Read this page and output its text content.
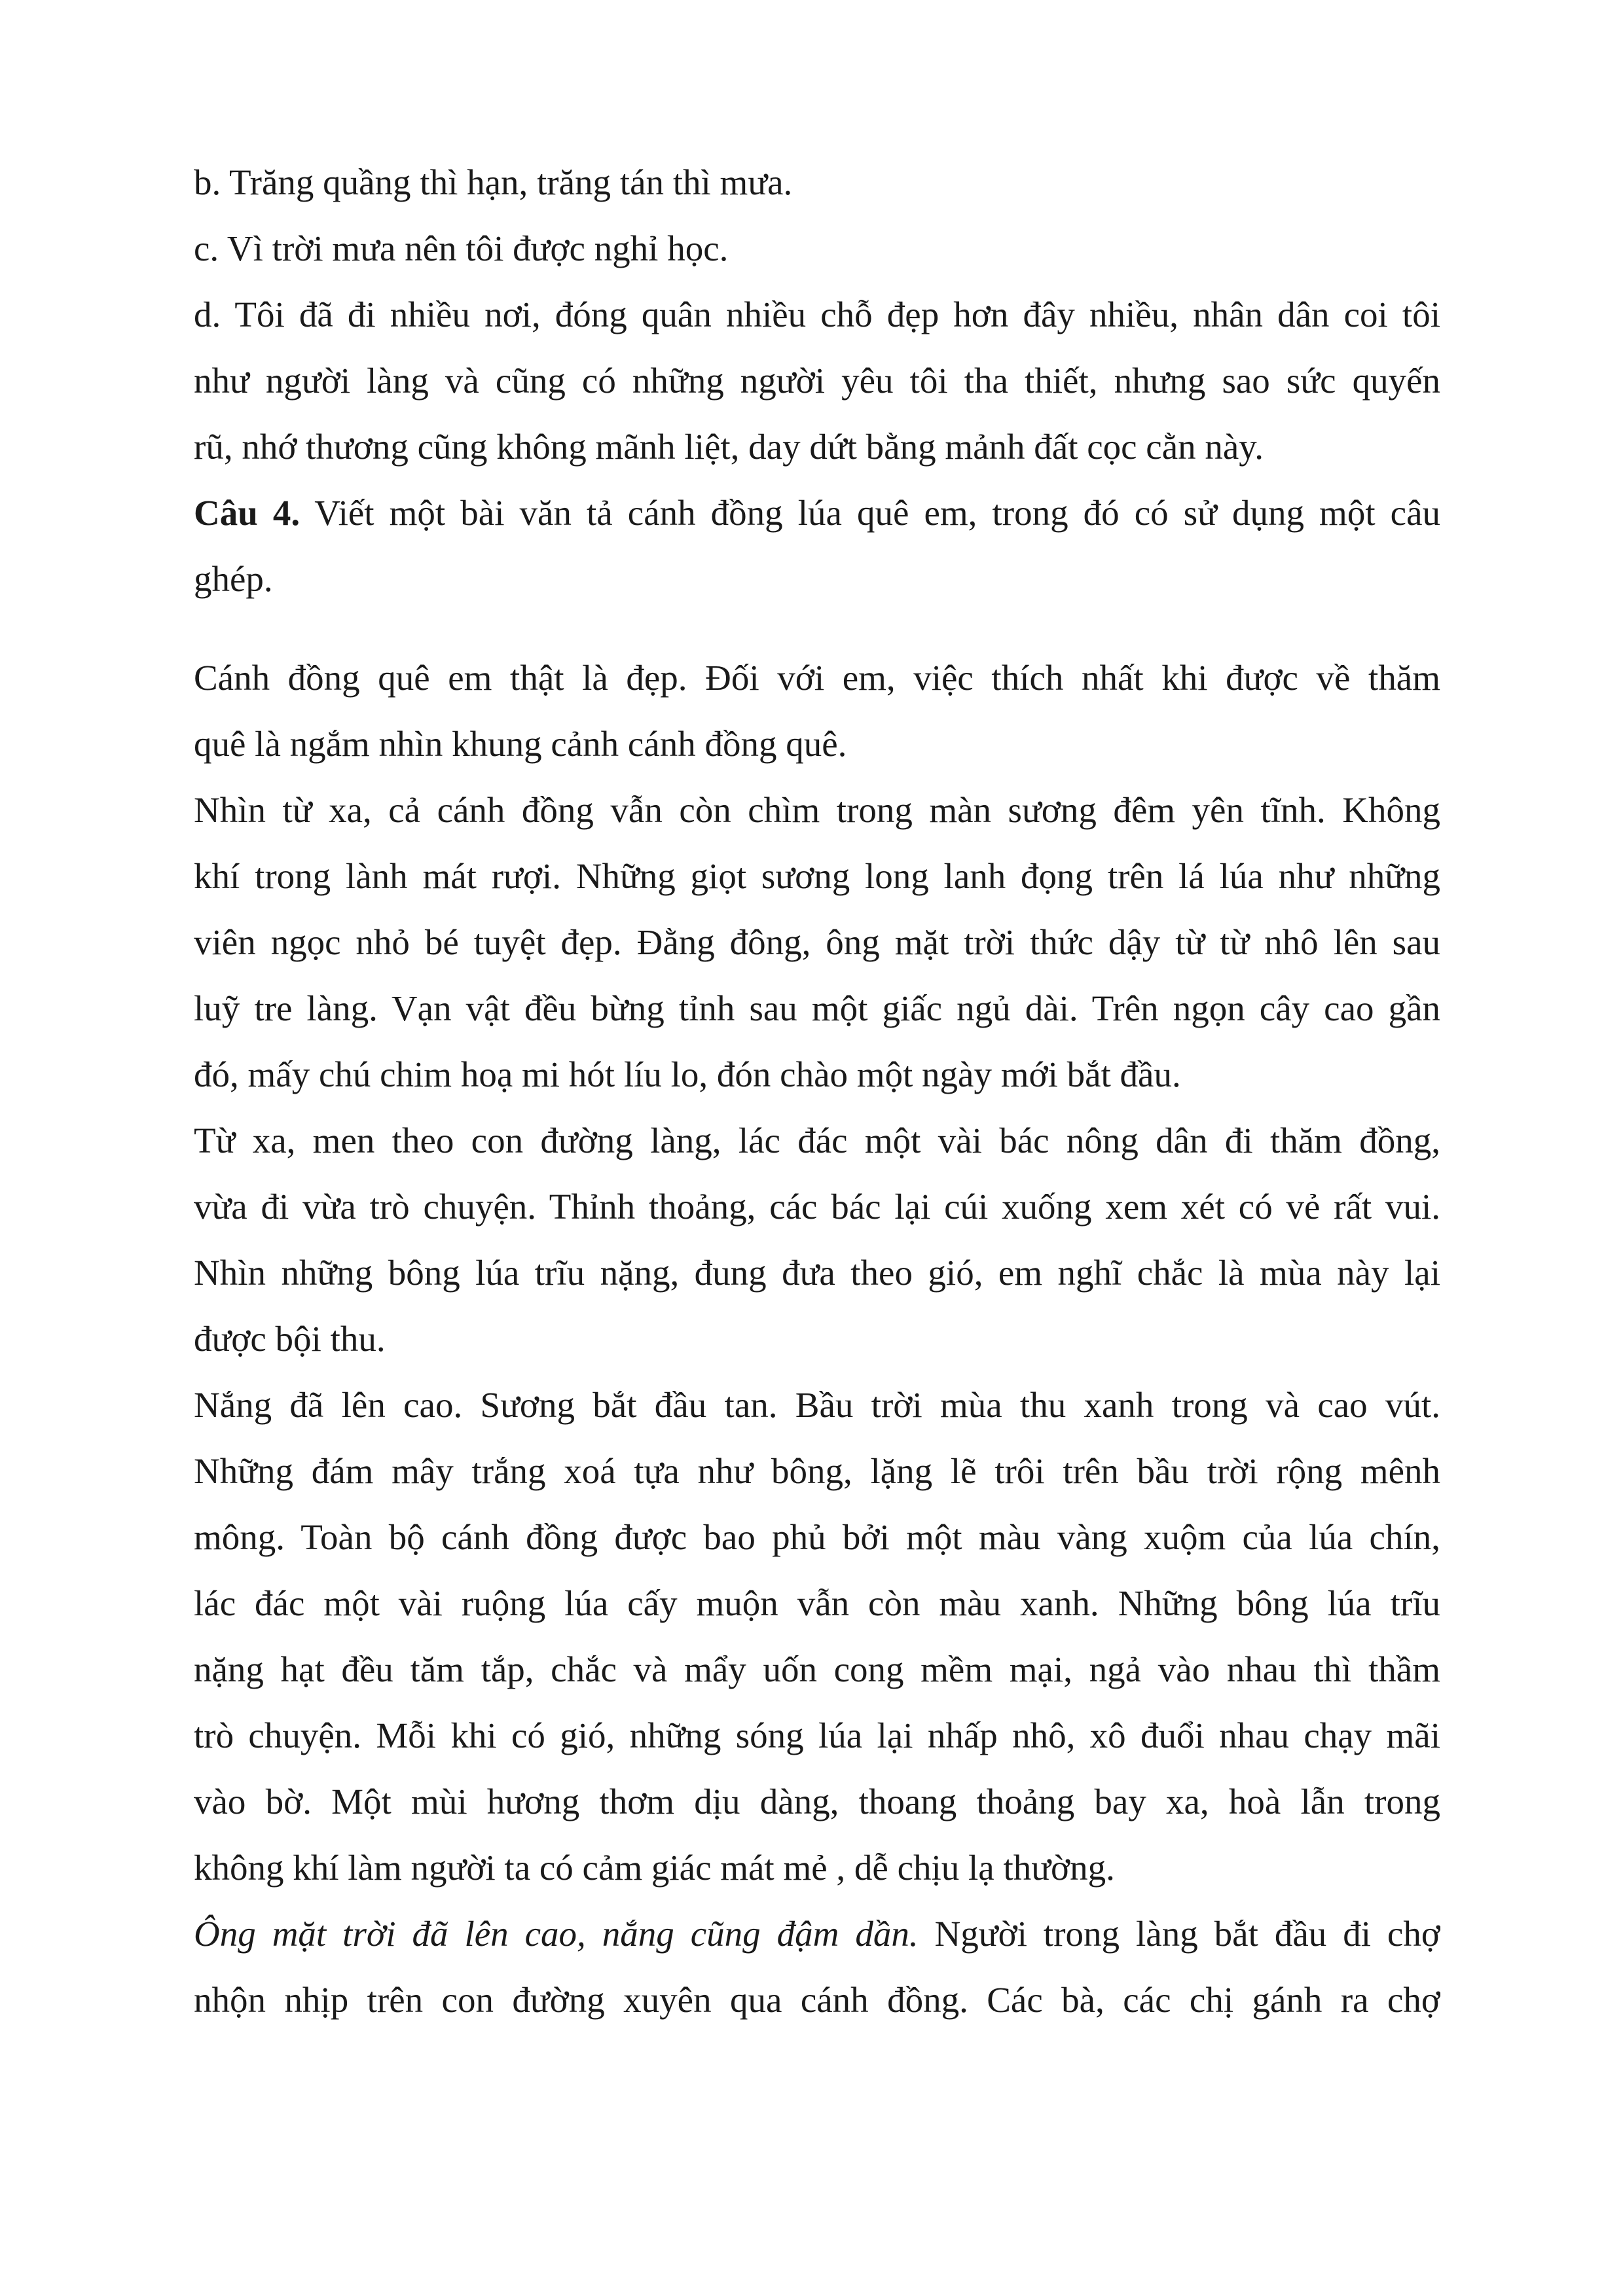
b. Trăng quầng thì hạn, trăng tán thì mưa.
c. Vì trời mưa nên tôi được nghỉ học.
d. Tôi đã đi nhiều nơi, đóng quân nhiều chỗ đẹp hơn đây nhiều, nhân dân coi tôi
như người làng và cũng có những người yêu tôi tha thiết, nhưng sao sức quyến
rũ, nhớ thương cũng không mãnh liệt, day dứt bằng mảnh đất cọc cằn này.
Câu 4. Viết một bài văn tả cánh đồng lúa quê em, trong đó có sử dụng một câu
ghép.
Cánh đồng quê em thật là đẹp. Đối với em, việc thích nhất khi được về thăm
quê là ngắm nhìn khung cảnh cánh đồng quê.
Nhìn từ xa, cả cánh đồng vẫn còn chìm trong màn sương đêm yên tĩnh. Không
khí trong lành mát rượi. Những giọt sương long lanh đọng trên lá lúa như những
viên ngọc nhỏ bé tuyệt đẹp. Đằng đông, ông mặt trời thức dậy từ từ nhô lên sau
luỹ tre làng. Vạn vật đều bừng tỉnh sau một giấc ngủ dài. Trên ngọn cây cao gần
đó, mấy chú chim hoạ mi hót líu lo, đón chào một ngày mới bắt đầu.
Từ xa, men theo con đường làng, lác đác một vài bác nông dân đi thăm đồng,
vừa đi vừa trò chuyện. Thỉnh thoảng, các bác lại cúi xuống xem xét có vẻ rất vui.
Nhìn những bông lúa trĩu nặng, đung đưa theo gió, em nghĩ chắc là mùa này lại
được bội thu.
Nắng đã lên cao. Sương bắt đầu tan. Bầu trời mùa thu xanh trong và cao vút.
Những đám mây trắng xoá tựa như bông, lặng lẽ trôi trên bầu trời rộng mênh
mông. Toàn bộ cánh đồng được bao phủ bởi một màu vàng xuộm của lúa chín,
lác đác một vài ruộng lúa cấy muộn vẫn còn màu xanh. Những bông lúa trĩu
nặng hạt đều tăm tắp, chắc và mẩy uốn cong mềm mại, ngả vào nhau thì thầm
trò chuyện. Mỗi khi có gió, những sóng lúa lại nhấp nhô, xô đuổi nhau chạy mãi
vào bờ. Một mùi hương thơm dịu dàng, thoang thoảng bay xa, hoà lẫn trong
không khí làm người ta có cảm giác mát mẻ , dễ chịu lạ thường.
Ông mặt trời đã lên cao, nắng cũng đậm dần. Người trong làng bắt đầu đi chợ
nhộn nhịp trên con đường xuyên qua cánh đồng. Các bà, các chị gánh ra chợ
